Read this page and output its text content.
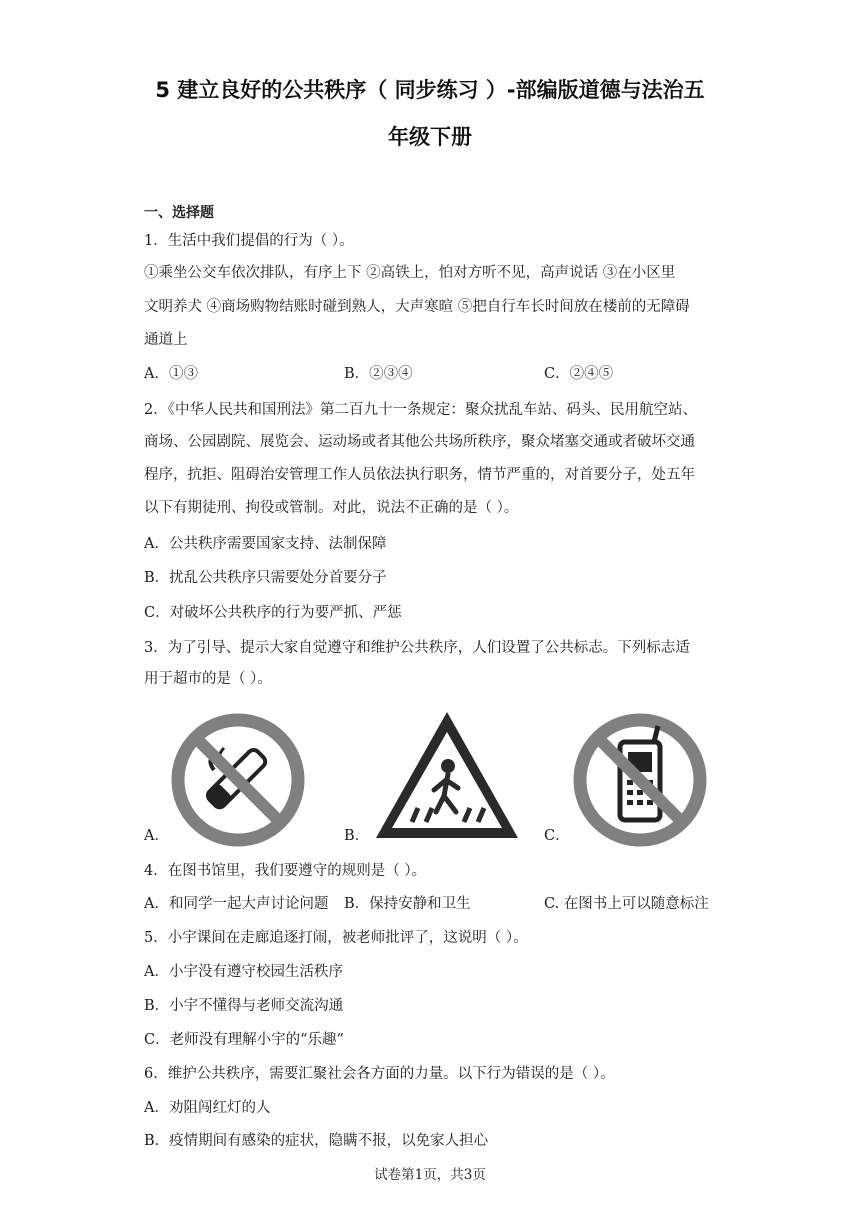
5 建立良好的公共秩序（ 同步练习 ）-部编版道德与法治五
年级下册
一、选择题
1．生活中我们提倡的行为（ ）。
①乘坐公交车依次排队，有序上下 ②高铁上，怕对方听不见，高声说话 ③在小区里
文明养犬 ④商场购物结账时碰到熟人，大声寒暄 ⑤把自行车长时间放在楼前的无障碍
通道上
A．①③	B．②③④	C．②④⑤
2．《中华人民共和国刑法》第二百九十一条规定：聚众扰乱车站、码头、民用航空站、
商场、公园剧院、展览会、运动场或者其他公共场所秩序，聚众堵塞交通或者破坏交通
程序，抗拒、阻碍治安管理工作人员依法执行职务，情节严重的，对首要分子，处五年
以下有期徒刑、拘役或管制。对此，说法不正确的是（ ）。
A．公共秩序需要国家支持、法制保障
B．扰乱公共秩序只需要处分首要分子
C．对破坏公共秩序的行为要严抓、严惩
3．为了引导、提示大家自觉遵守和维护公共秩序，人们设置了公共标志。下列标志适
用于超市的是（ ）。
A．	B．	C．
4．在图书馆里，我们要遵守的规则是（ ）。
A．和同学一起大声讨论问题 B．保持安静和卫生	C. 在图书上可以随意标注
5．小宇课间在走廊追逐打闹，被老师批评了，这说明（ ）。
A．小宇没有遵守校园生活秩序
B．小宇不懂得与老师交流沟通
C．老师没有理解小宇的“乐趣”
6．维护公共秩序，需要汇聚社会各方面的力量。以下行为错误的是（ ）。
A．劝阻闯红灯的人
B．疫情期间有感染的症状，隐瞒不报，以免家人担心
试卷第1页，共3页
